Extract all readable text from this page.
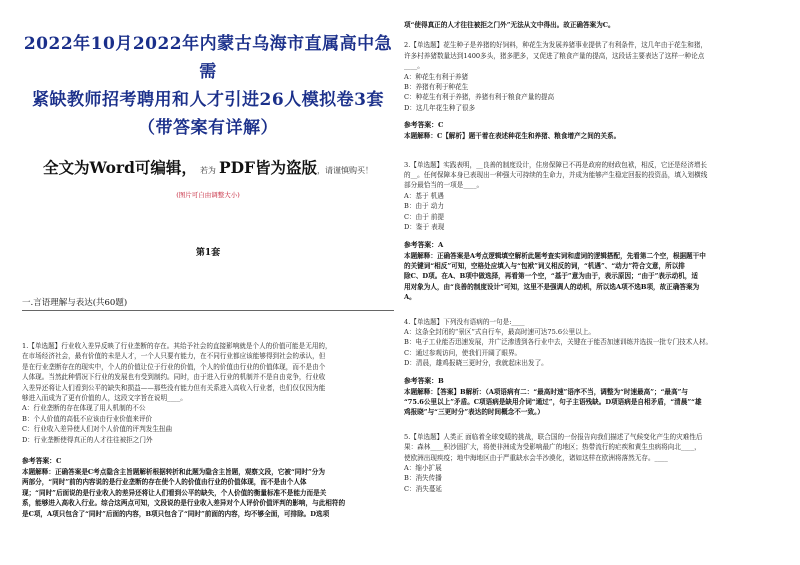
2022年10月2022年内蒙古乌海市直属高中急需
紧缺教师招考聘用和人才引进26人模拟卷3套
（带答案有详解）
全文为Word可编辑， 若为 PDF皆为盗版，请谨慎购买！
(图片可自由调整大小)
第1套
一.言语理解与表达(共60题)

1.【单选题】行业收入差异反映了行业垄断的存在。其给予社会的直接影响就是个人的价值可能是无用的，

在市场经济社会，最有价值的未是人才，一个人只要有能力，在不同行业都应该能够得到社会的承认，但

是在行业垄断存在的现实中，个人的价值让位于行业的价值，个人的价值由行业的价值体现，而不是由个

人体现。当然此种情况下行业的发展也有受到制约。同时，由于进入行业的机制并不是自由竞争，行业收

入差异还将让人们看到公平的缺失和损益——那些没有能力但有关系进入高收入行业者，也们仅仅因为能

够进入而成为了更有价值的人，这段文字旨在说明____。

A：行业垄断的存在体现了用人机制的不公

B：个人价值的高低不应该由行业价值来评价

C：行业收入差异使人们对个人价值的评判发生扭曲

D：行业垄断使得真正的人才往往被拒之门外

参考答案：C

本题解释：正确答案是C考点隐含主旨题解析根据转折和此题为隐含主旨题，观察文段，它被“同时”分为

两部分，“同时”前的内容说的是行业垄断的存在使个人的价值由行业的价值体现，而不是由个人体

现；“同时”后面说的是行业收入的差异还将让人们看到公平的缺失，个人价值的衡量标准不是能力而是关

系，能够进入高收入行业。综合这两点可知，文段说的是行业收入差异对个人评价价值评判的影响，与此相符的

是C项，A项只包含了“同时”后面的内容，B项只包含了“同时”前面的内容，均不够全面，可排除。D选项

项“使得真正的人才往往被拒之门外”无法从文中得出。故正确答案为C。

2.【单选题】花生种子是养猪的好饲料，种花生为发展养猪事业提供了有利条件，这几年由于花生和猪，

许多村养猪数量达到1400多头，猪多肥多，又促进了粮食产量的提高，这段话主要表达了这样一种论点

____。

A：种花生有利于养猪

B：养猪有利于种花生

C：种花生有利于养猪，养猪有利于粮食产量的提高

D：这几年花生种了很多

参考答案：C

本题解释：C【解析】题干着在表述种花生和养猪、粮食增产之间的关系。

3.【单选题】实践表明，__良善的制度设计，住房保障已不再是政府的财政包袱，相反，它还是经济增长

的__。任何保障本身已表现出一种强大可持续的生命力，并成为能够产生稳定回报的投资品，填入划横线

部分最恰当的一项是____。

A：基于 机遇

B：由于 动力

C：由于 前提

D：鉴于 表现

参考答案：A

本题解释：正确答案是A考点逻辑填空解析此题考查实词和虚词的逻辑搭配，先看第二个空，根据题干中

的关键词“相反”可知，空格处应填入与“包袱”词义相反的词，“机遇”、“动力”符合文意，所以排

除C、D项。在A、B项中做选择，再看第一个空，“基于”意为由于，表示原因；“由于”表示动机，适

用对象为人，由“良善的制度设计”可知，这里不是强调人的动机，所以选A项不选B项，故正确答案为

A。

4.【单选题】下列没有语病的一句是:____

A：这条全封闭的“景区”式自行车，最高时速可达75.6公里以上。

B：电子工业能否迅速发展，并广泛渗透到各行业中去，关键在于能否加速训练并选拔一批专门技术人材。

C：通过参观访问，使我们开阔了眼界。

D：清晨，雄鸡报晓三更时分，我就起床出发了。

参考答案：B

本题解释：【答案】B解析：（A项语病有二：“最高时速”语序不当，调整为“时速最高”；“最高”与

“75.6公里以上”矛盾。C项语病是缺用介词“通过”，句子主语残缺。D项语病是自相矛盾，“清晨”“雄

鸡报晓”与“三更时分”表达的时间概念不一致。）

5.【单选题】人类正 面临着全球变暖的挑战，联合国的一份报告向我们描述了气候变化产生的灾难性后

果：森林____积沙固扩大，将使非洲成为受影响最广的地区；热带流行的疟疾和黄生虫病将向北____，

使欧洲出现疾疫；地中海地区由于严重缺水会半沙漠化，诸如这样在欧洲将落然无存。____

A：缩小扩展

B：消失传播

C：消失蔓延
